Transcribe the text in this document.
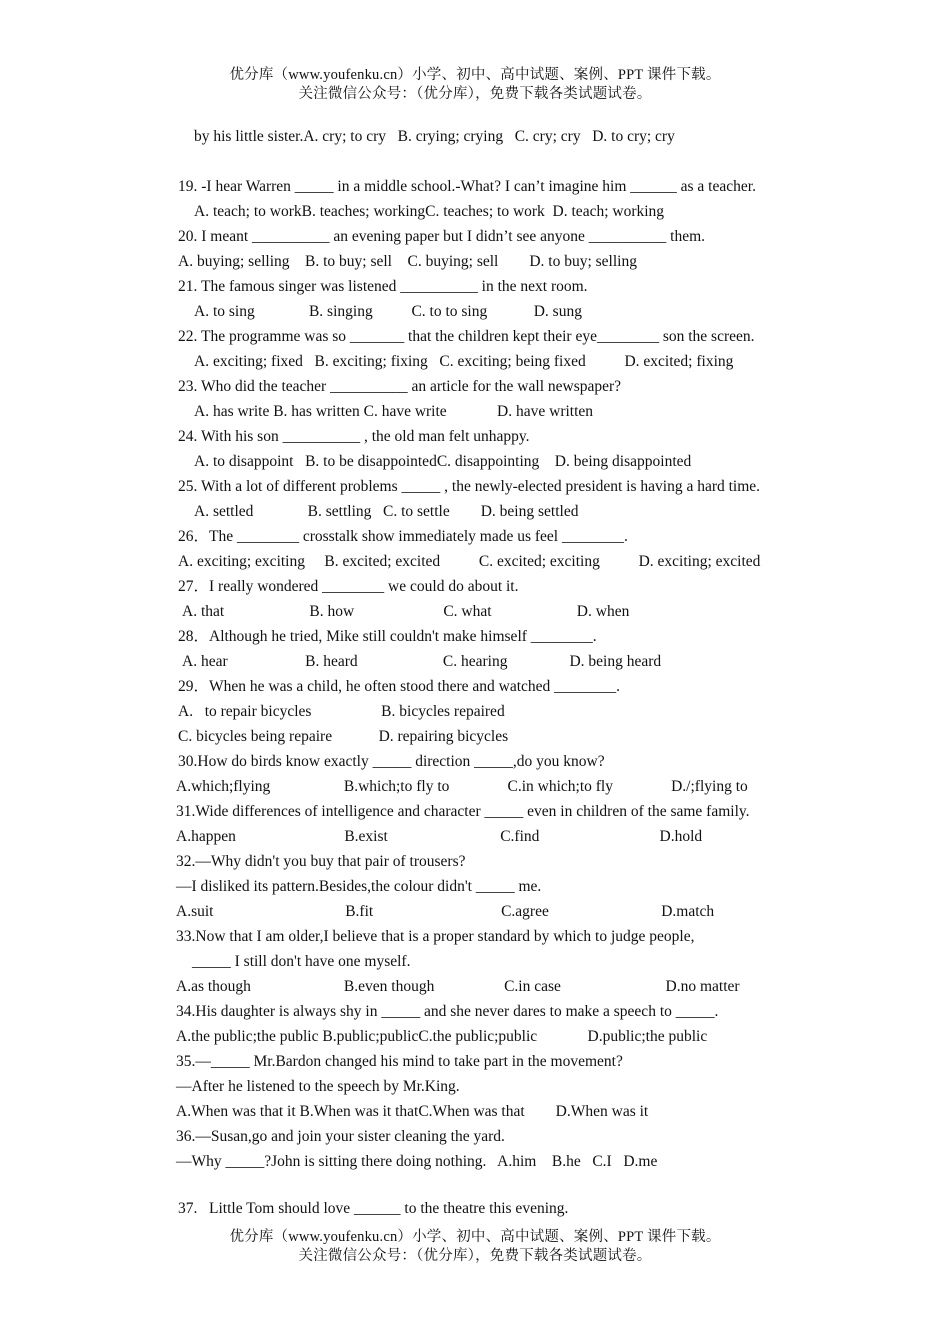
优分库（www.youfenku.cn）小学、初中、高中试题、案例、PPT 课件下载。
关注微信公众号：（优分库），免费下载各类试题试卷。
by his little sister.A. cry; to cry   B. crying; crying   C. cry; cry   D. to cry; cry
19. -I hear Warren _____ in a middle school.-What? I can’t imagine him ______ as a teacher.
A. teach; to workB. teaches; workingC. teaches; to work  D. teach; working
20. I meant __________ an evening paper but I didn’t see anyone __________ them.
A. buying; selling    B. to buy; sell    C. buying; sell        D. to buy; selling
21. The famous singer was listened __________ in the next room.
A. to sing              B. singing          C. to to sing            D. sung
22. The programme was so _______ that the children kept their eye________ son the screen.
A. exciting; fixed   B. exciting; fixing   C. exciting; being fixed          D. excited; fixing
23. Who did the teacher __________ an article for the wall newspaper?
A. has write B. has written C. have write             D. have written
24. With his son __________ , the old man felt unhappy.
A. to disappoint   B. to be disappointedC. disappointing    D. being disappointed
25. With a lot of different problems _____ , the newly-elected president is having a hard time.
A. settled              B. settling   C. to settle        D. being settled
26．The ________ crosstalk show immediately made us feel ________.
A. exciting; exciting     B. excited; excited          C. excited; exciting          D. exciting; excited
27．I really wondered ________ we could do about it.
A. that                      B. how                       C. what                      D. when
28．Although he tried, Mike still couldn't make himself ________.
A. hear                    B. heard                      C. hearing                D. being heard
29．When he was a child, he often stood there and watched ________.
A.   to repair bicycles                  B. bicycles repaired
C. bicycles being repaire            D. repairing bicycles
30.How do birds know exactly _____ direction _____,do you know?
A.which;flying                   B.which;to fly to               C.in which;to fly               D./;flying to
31.Wide differences of intelligence and character _____ even in children of the same family.
A.happen                            B.exist                             C.find                               D.hold
32.—Why didn't you buy that pair of trousers?
—I disliked its pattern.Besides,the colour didn't _____ me.
A.suit                                  B.fit                                 C.agree                             D.match
33.Now that I am older,I believe that is a proper standard by which to judge people,
_____ I still don't have one myself.
A.as though                        B.even though                  C.in case                           D.no matter
34.His daughter is always shy in _____ and she never dares to make a speech to _____.
A.the public;the public B.public;publicC.the public;public             D.public;the public
35.—_____ Mr.Bardon changed his mind to take part in the movement?
—After he listened to the speech by Mr.King.
A.When was that it B.When was it thatC.When was that        D.When was it
36.—Susan,go and join your sister cleaning the yard.
—Why _____?John is sitting there doing nothing.   A.him    B.he   C.I   D.me
37.   Little Tom should love ______ to the theatre this evening.
优分库（www.youfenku.cn）小学、初中、高中试题、案例、PPT 课件下载。
关注微信公众号：（优分库），免费下载各类试题试卷。
